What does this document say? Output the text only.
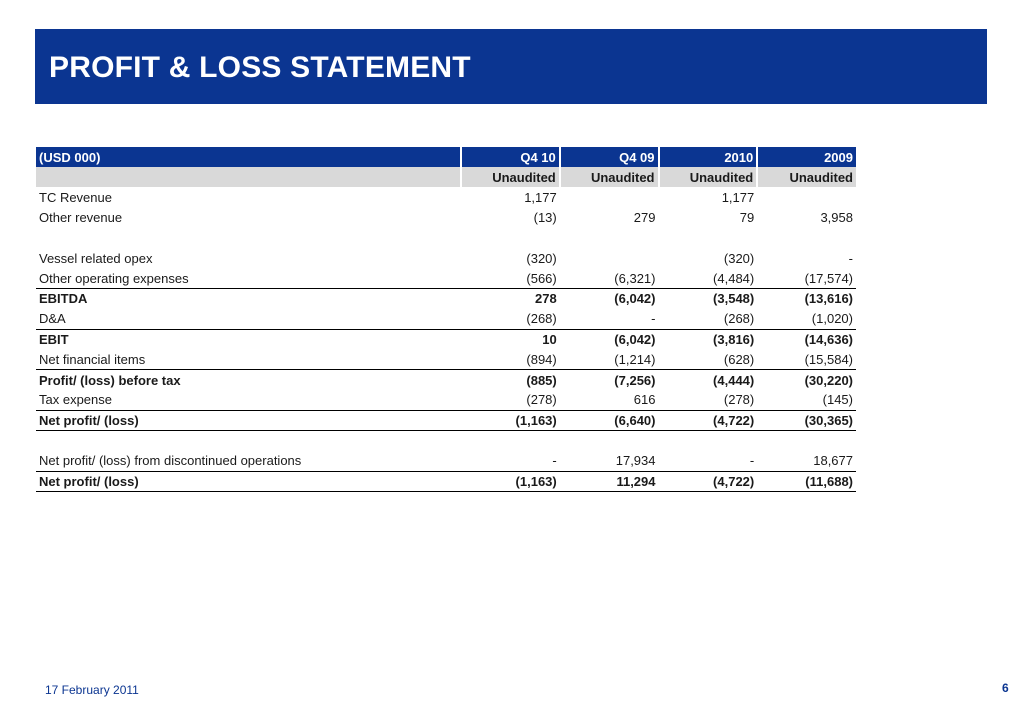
PROFIT & LOSS STATEMENT
(USD 000)	Q4 10	Q4 09	2010	2009
	Unaudited	Unaudited	Unaudited	Unaudited
TC Revenue	1,177		1,177	
Other revenue	(13)	279	79	3,958

Vessel related opex	(320)		(320)	-
Other operating expenses	(566)	(6,321)	(4,484)	(17,574)
EBITDA	278	(6,042)	(3,548)	(13,616)
D&A	(268)	-	(268)	(1,020)
EBIT	10	(6,042)	(3,816)	(14,636)
Net financial items	(894)	(1,214)	(628)	(15,584)
Profit/ (loss) before tax	(885)	(7,256)	(4,444)	(30,220)
Tax expense	(278)	616	(278)	(145)
Net profit/ (loss)	(1,163)	(6,640)	(4,722)	(30,365)

Net profit/ (loss) from discontinued operations	-	17,934	-	18,677
Net profit/ (loss)	(1,163)	11,294	(4,722)	(11,688)
17 February 2011	6
